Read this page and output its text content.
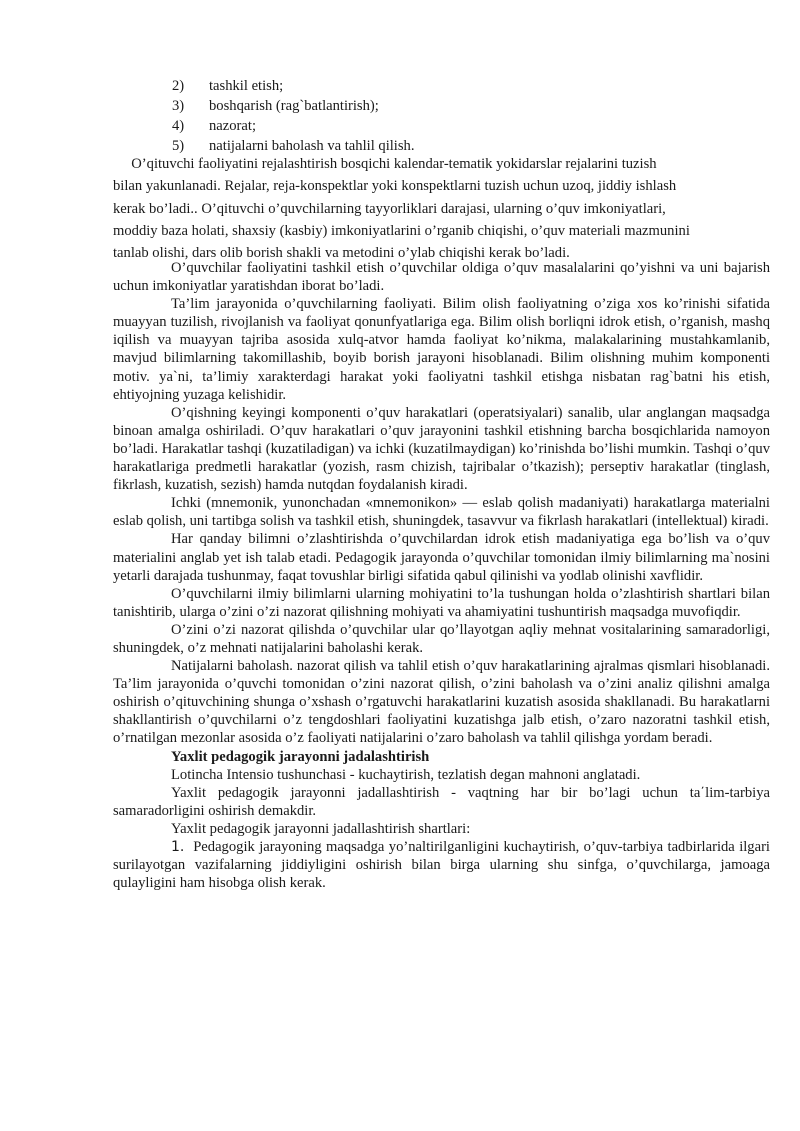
2)	tashkil etish;
3)	boshqarish (rag`batlantirish);
4)	nazorat;
5)	natijalarni baholash va tahlil qilish.
O’qituvchi faoliyatini rejalashtirish bosqichi kalendar-tematik yokidarslar rejalarini tuzish
bilan yakunlanadi. Rejalar, reja-konspektlar yoki konspektlarni tuzish uchun uzoq, jiddiy ishlash
kerak bo’ladi.. O’qituvchi o’quvchilarning tayyorliklari darajasi, ularning o’quv imkoniyatlari,
moddiy baza holati, shaxsiy (kasbiy) imkoniyatlarini o’rganib chiqishi, o’quv materiali mazmunini
tanlab olishi, dars olib borish shakli va metodini o’ylab chiqishi kerak bo’ladi.

O’quvchilar faoliyatini tashkil etish o’quvchilar oldiga o’quv masalalarini qo’yishni va uni bajarish uchun imkoniyatlar yaratishdan iborat bo’ladi.

Ta’lim jarayonida o’quvchilarning faoliyati. Bilim olish faoliyatning o’ziga xos ko’rinishi sifatida muayyan tuzilish, rivojlanish va faoliyat qonunfyatlariga ega. Bilim olish borliqni idrok etish, o’rganish, mashq iqilish va muayyan tajriba asosida xulq-atvor hamda faoliyat ko’nikma, malakalarining mustahkamlanib, mavjud bilimlarning takomillashib, boyib borish jarayoni hisoblanadi. Bilim olishning muhim komponenti motiv. ya`ni, ta’limiy xarakterdagi harakat yoki faoliyatni tashkil etishga nisbatan rag`batni his etish, ehtiyojning yuzaga kelishidir.

O’qishning keyingi komponenti o’quv harakatlari (operatsiyalari) sanalib, ular anglangan maqsadga binoan amalga oshiriladi. O’quv harakatlari o’quv jarayonini tashkil etishning barcha bosqichlarida namoyon bo’ladi. Harakatlar tashqi (kuzatiladigan) va ichki (kuzatilmaydigan) ko’rinishda bo’lishi mumkin. Tashqi o’quv harakatlariga predmetli harakatlar (yozish, rasm chizish, tajribalar o’tkazish); perseptiv harakatlar (tinglash, fikrlash, kuzatish, sezish) hamda nutqdan foydalanish kiradi.

Ichki (mnemonik, yunonchadan «mnemonikon» — eslab qolish madaniyati) harakatlarga materialni eslab qolish, uni tartibga solish va tashkil etish, shuningdek, tasavvur va fikrlash harakatlari (intellektual) kiradi.

Har qanday bilimni o’zlashtirishda o’quvchilardan idrok etish madaniyatiga ega bo’lish va o’quv materialini anglab yet ish talab etadi. Pedagogik jarayonda o’quvchilar tomonidan ilmiy bilimlarning ma`nosini yetarli darajada tushunmay, faqat tovushlar birligi sifatida qabul qilinishi va yodlab olinishi xavflidir.

O’quvchilarni ilmiy bilimlarni ularning mohiyatini to’la tushungan holda o’zlashtirish shartlari bilan tanishtirib, ularga o’zini o’zi nazorat qilishning mohiyati va ahamiyatini tushuntirish maqsadga muvofiqdir.

O’zini o’zi nazorat qilishda o’quvchilar ular qo’llayotgan aqliy mehnat vositalarining samaradorligi, shuningdek, o’z mehnati natijalarini baholashi kerak.

Natijalarni baholash. nazorat qilish va tahlil etish o’quv harakatlarining ajralmas qismlari hisoblanadi. Ta’lim jarayonida o’quvchi tomonidan o’zini nazorat qilish, o’zini baholash va o’zini analiz qilishni amalga oshirish o’qituvchining shunga o’xshash o’rgatuvchi harakatlarini kuzatish asosida shakllanadi. Bu harakatlarni shakllantirish o’quvchilarni o’z tengdoshlari faoliyatini kuzatishga jalb etish, o’zaro nazoratni tashkil etish, o’rnatilgan mezonlar asosida o’z faoliyati natijalarini o’zaro baholash va tahlil qilishga yordam beradi.

Yaxlit pedagogik jarayonni jadalashtirish

Lotincha Intensio tushunchasi - kuchaytirish, tezlatish degan mahnoni anglatadi.

Yaxlit pedagogik jarayonni jadallashtirish - vaqtning har bir bo’lagi uchun ta΄lim-tarbiya samaradorligini oshirish demakdir.

Yaxlit pedagogik jarayonni jadallashtirish shartlari:

1.  Pedagogik jarayoning maqsadga yo’naltirilganligini kuchaytirish, o’quv-tarbiya tadbirlarida ilgari surilayotgan vazifalarning jiddiyligini oshirish bilan birga ularning shu sinfga, o’quvchilarga, jamoaga qulayligini ham hisobga olish kerak.
